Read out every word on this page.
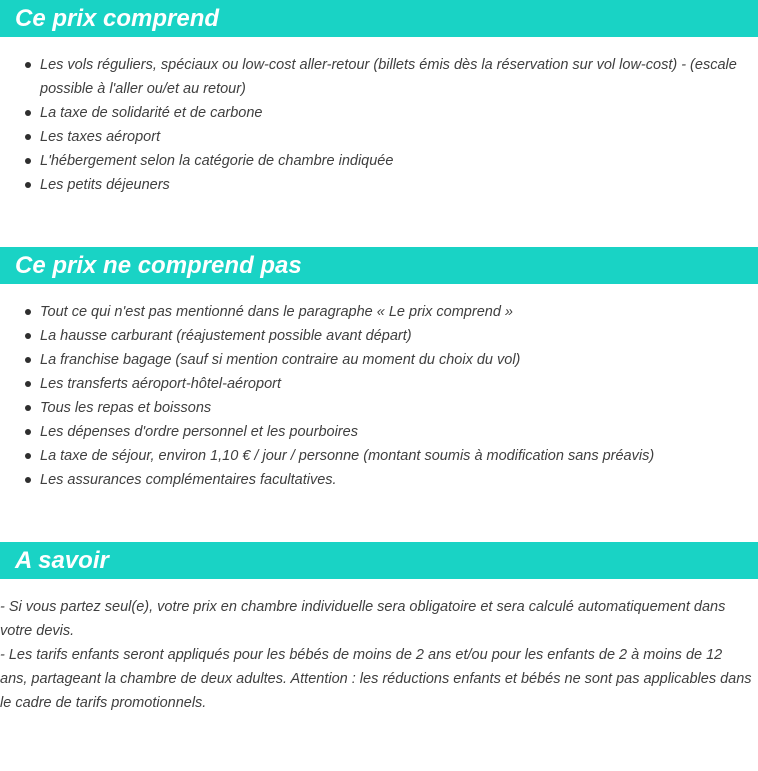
Ce prix comprend
Les vols réguliers, spéciaux ou low-cost aller-retour (billets émis dès la réservation sur vol low-cost) - (escale possible à l'aller ou/et au retour)
La taxe de solidarité et de carbone
Les taxes aéroport
L'hébergement selon la catégorie de chambre indiquée
Les petits déjeuners
Ce prix ne comprend pas
Tout ce qui n'est pas mentionné dans le paragraphe « Le prix comprend »
La hausse carburant (réajustement possible avant départ)
La franchise bagage (sauf si mention contraire au moment du choix du vol)
Les transferts aéroport-hôtel-aéroport
Tous les repas et boissons
Les dépenses d'ordre personnel et les pourboires
La taxe de séjour, environ 1,10 € / jour / personne (montant soumis à modification sans préavis)
Les assurances complémentaires facultatives.
A savoir

- Si vous partez seul(e), votre prix en chambre individuelle sera obligatoire et sera calculé automatiquement dans votre devis.

- Les tarifs enfants seront appliqués pour les bébés de moins de 2 ans et/ou pour les enfants de 2 à moins de 12 ans, partageant la chambre de deux adultes. Attention : les réductions enfants et bébés ne sont pas applicables dans le cadre de tarifs promotionnels.
